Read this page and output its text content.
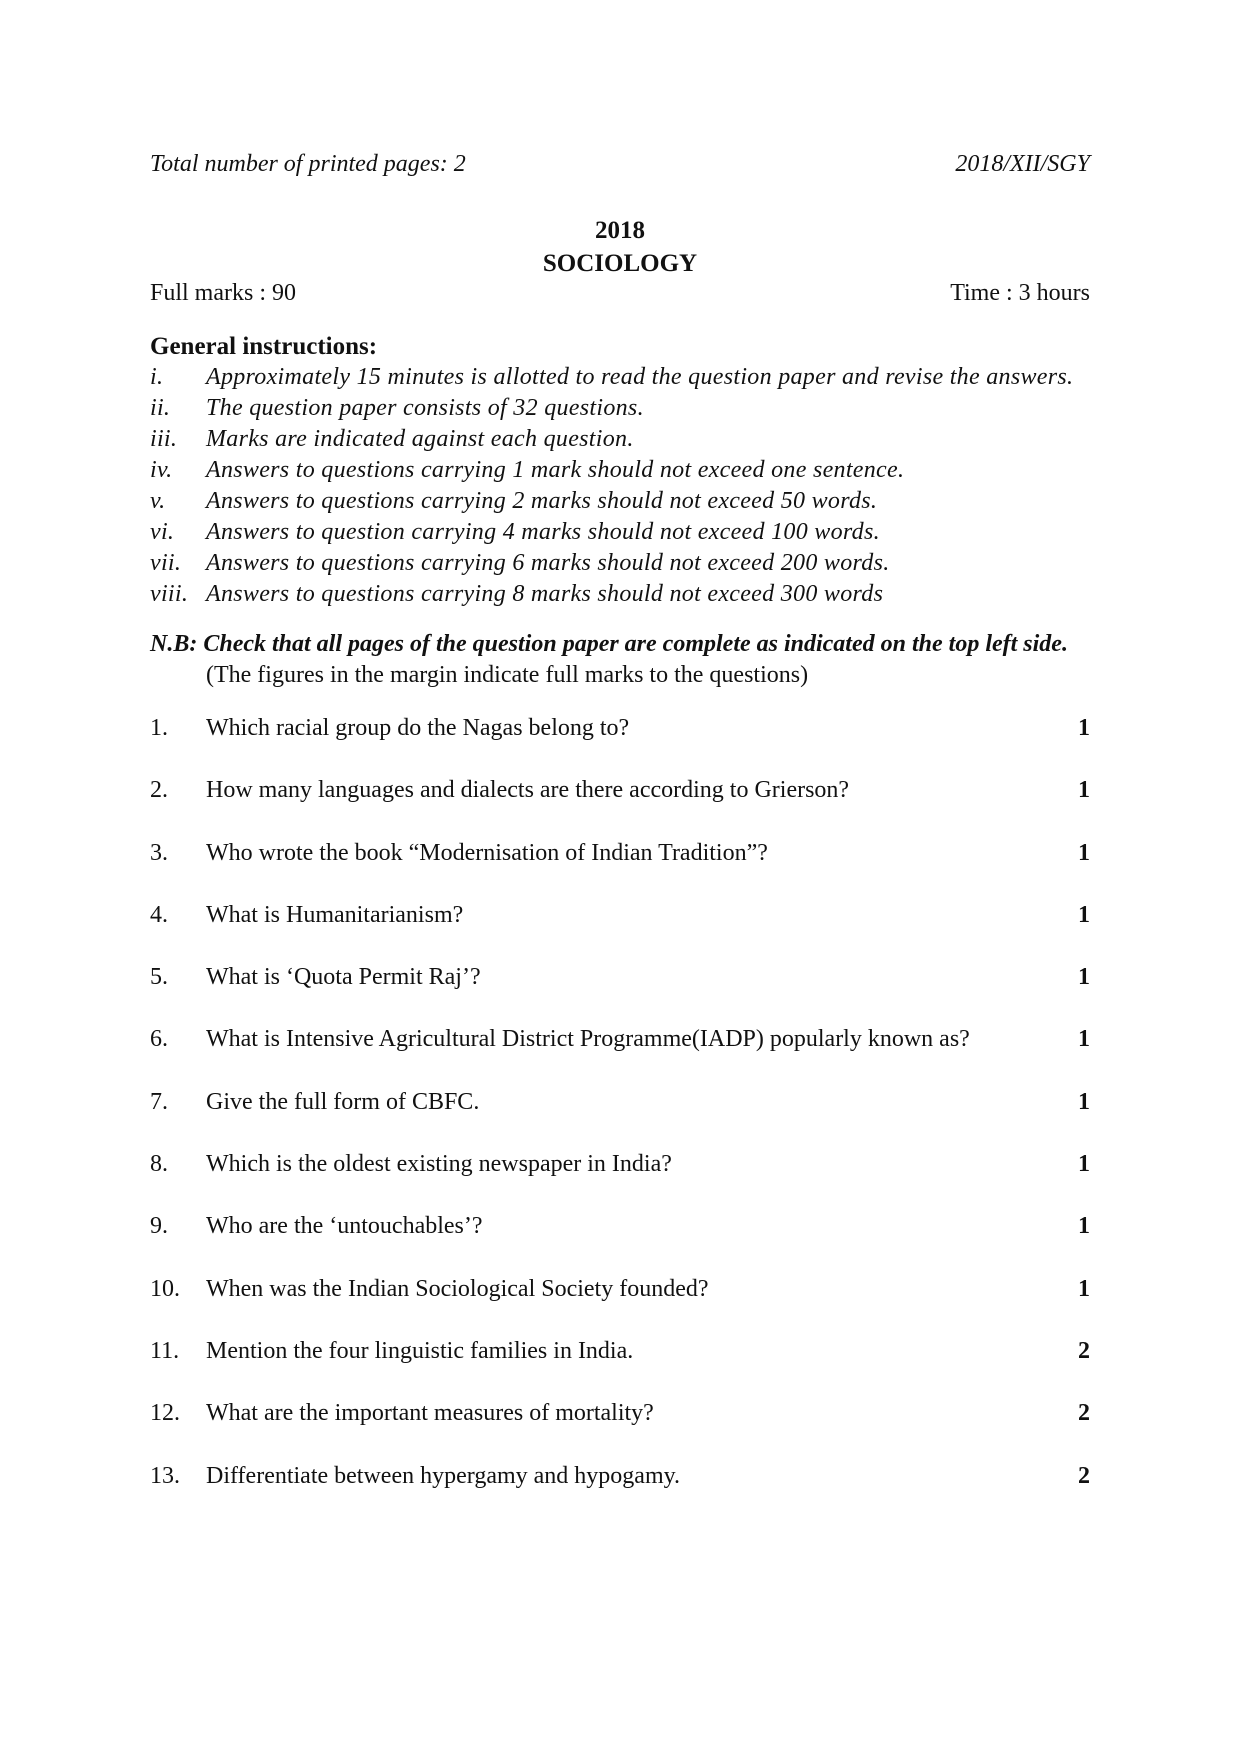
Total number of printed pages: 2	2018/XII/SGY
2018
SOCIOLOGY
Full marks : 90	Time : 3 hours
General instructions:
i.	Approximately 15 minutes is allotted to read the question paper and revise the answers.
ii.	The question paper consists of 32 questions.
iii.	Marks are indicated against each question.
iv.	Answers to questions carrying 1 mark should not exceed one sentence.
v.	Answers to questions carrying 2 marks should not exceed 50 words.
vi.	Answers to question carrying 4 marks should not exceed 100 words.
vii.	Answers to questions carrying 6 marks should not exceed 200 words.
viii. Answers to questions carrying 8 marks should not exceed 300 words
N.B: Check that all pages of the question paper are complete as indicated on the top left side.
(The figures in the margin indicate full marks to the questions)
1.	Which racial group do the Nagas belong to?	1
2.	How many languages and dialects are there according to Grierson?	1
3.	Who wrote the book “Modernisation of Indian Tradition”?	1
4.	What is Humanitarianism?	1
5.	What is ‘Quota Permit Raj’?	1
6.	What is Intensive Agricultural District Programme(IADP) popularly known as?	1
7.	Give the full form of CBFC.	1
8.	Which is the oldest existing newspaper in India?	1
9.	Who are the ‘untouchables’?	1
10.	When was the Indian Sociological Society founded?	1
11.	Mention the four linguistic families in India.	2
12.	What are the important measures of mortality?	2
13.	Differentiate between hypergamy and hypogamy.	2
